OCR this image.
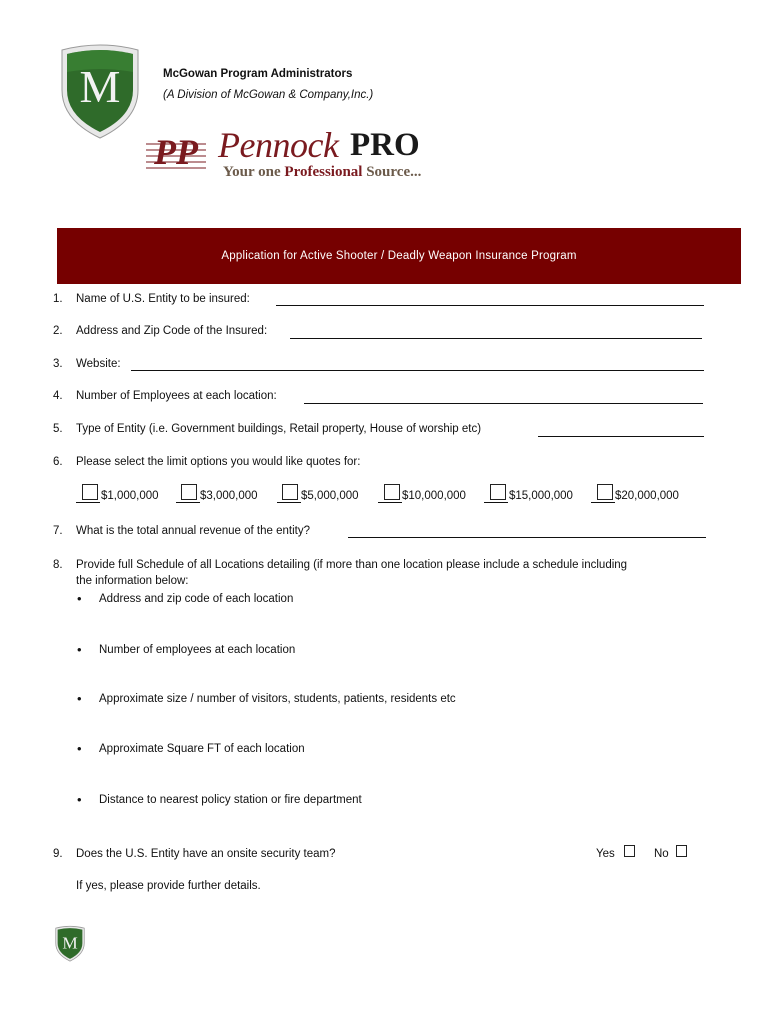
M	McGowan Program Administrators
(A Division of McGowan & Company,Inc.)
PP Pennock PRO
Your one Professional Source...
Application for Active Shooter / Deadly Weapon Insurance Program
1. Name of U.S. Entity to be insured:
2. Address and Zip Code of the Insured:
3. Website:
4. Number of Employees at each location:
5. Type of Entity (i.e. Government buildings, Retail property, House of worship etc)
6. Please select the limit options you would like quotes for:
$1,000,000	$3,000,000	$5,000,000	$10,000,000	$15,000,000	$20,000,000
7. What is the total annual revenue of the entity?
8. Provide full Schedule of all Locations detailing (if more than one location please include a schedule including
the information below:
• Address and zip code of each location
• Number of employees at each location
• Approximate size / number of visitors, students, patients, residents etc
• Approximate Square FT of each location
• Distance to nearest policy station or fire department
9. Does the U.S. Entity have an onsite security team?	Yes	No
If yes, please provide further details.
M
